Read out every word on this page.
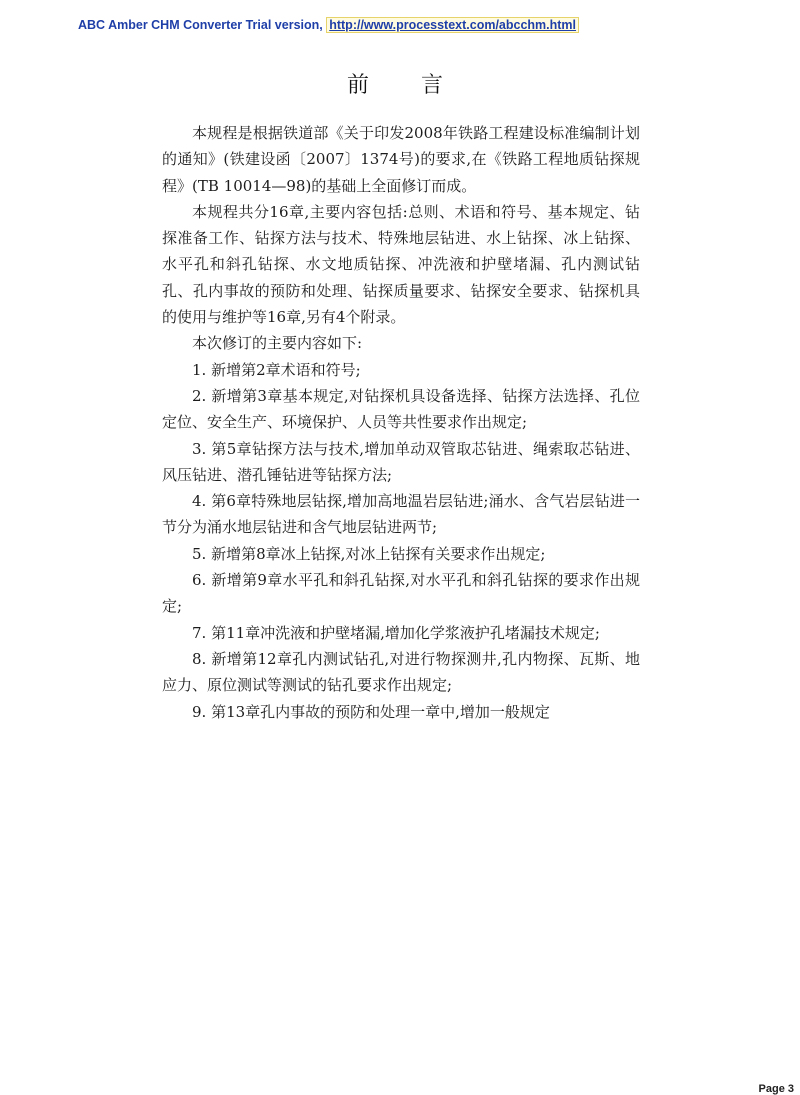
ABC Amber CHM Converter Trial version, http://www.processtext.com/abcchm.html
前言

本规程是根据铁道部《关于印发2008年铁路工程建设标准编制计划的通知》(铁建设函〔2007〕1374号)的要求,在《铁路工程地质钻探规程》(TB 10014—98)的基础上全面修订而成。

本规程共分16章,主要内容包括:总则、术语和符号、基本规定、钻探准备工作、钻探方法与技术、特殊地层钻进、水上钻探、冰上钻探、水平孔和斜孔钻探、水文地质钻探、冲洗液和护壁堵漏、孔内测试钻孔、孔内事故的预防和处理、钻探质量要求、钻探安全要求、钻探机具的使用与维护等16章,另有4个附录。

本次修订的主要内容如下:

1. 新增第2章术语和符号;

2. 新增第3章基本规定,对钻探机具设备选择、钻探方法选择、孔位定位、安全生产、环境保护、人员等共性要求作出规定;

3. 第5章钻探方法与技术,增加单动双管取芯钻进、绳索取芯钻进、风压钻进、潜孔锤钻进等钻探方法;

4. 第6章特殊地层钻探,增加高地温岩层钻进;涌水、含气岩层钻进一节分为涌水地层钻进和含气地层钻进两节;

5. 新增第8章冰上钻探,对冰上钻探有关要求作出规定;

6. 新增第9章水平孔和斜孔钻探,对水平孔和斜孔钻探的要求作出规定;

7. 第11章冲洗液和护壁堵漏,增加化学浆液护孔堵漏技术规定;

8. 新增第12章孔内测试钻孔,对进行物探测井,孔内物探、瓦斯、地应力、原位测试等测试的钻孔要求作出规定;

9. 第13章孔内事故的预防和处理一章中,增加一般规定

Page 3
